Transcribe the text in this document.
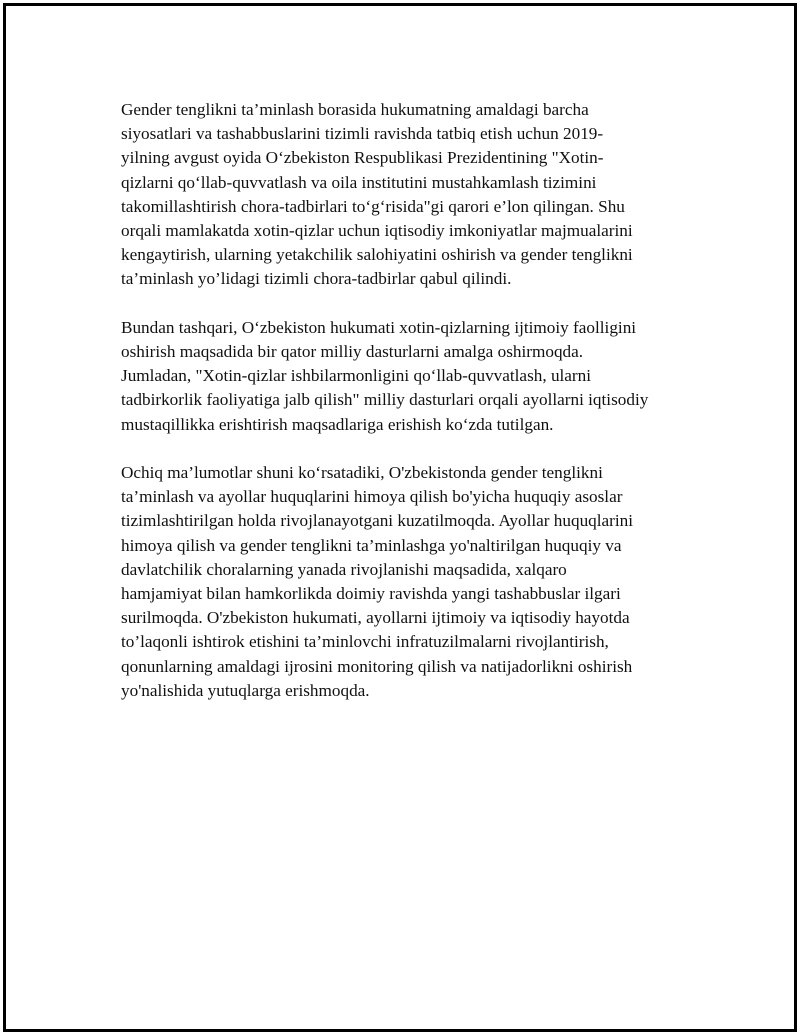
Gender tenglikni ta’minlash borasida hukumatning amaldagi barcha
siyosatlari va tashabbuslarini tizimli ravishda tatbiq etish uchun 2019-
yilning avgust oyida O‘zbekiston Respublikasi Prezidentining "Xotin-
qizlarni qo‘llab-quvvatlash va oila institutini mustahkamlash tizimini
takomillashtirish chora-tadbirlari to‘g‘risida"gi qarori e’lon qilingan. Shu
orqali mamlakatda xotin-qizlar uchun iqtisodiy imkoniyatlar majmualarini
kengaytirish, ularning yetakchilik salohiyatini oshirish va gender tenglikni
ta’minlash yo’lidagi tizimli chora-tadbirlar qabul qilindi.

Bundan tashqari, O‘zbekiston hukumati xotin-qizlarning ijtimoiy faolligini
oshirish maqsadida bir qator milliy dasturlarni amalga oshirmoqda.
Jumladan, "Xotin-qizlar ishbilarmonligini qo‘llab-quvvatlash, ularni
tadbirkorlik faoliyatiga jalb qilish" milliy dasturlari orqali ayollarni iqtisodiy
mustaqillikka erishtirish maqsadlariga erishish ko‘zda tutilgan.

Ochiq ma’lumotlar shuni ko‘rsatadiki, O'zbekistonda gender tenglikni
ta’minlash va ayollar huquqlarini himoya qilish bo'yicha huquqiy asoslar
tizimlashtirilgan holda rivojlanayotgani kuzatilmoqda. Ayollar huquqlarini
himoya qilish va gender tenglikni ta’minlashga yo'naltirilgan huquqiy va
davlatchilik choralarning yanada rivojlanishi maqsadida, xalqaro
hamjamiyat bilan hamkorlikda doimiy ravishda yangi tashabbuslar ilgari
surilmoqda. O'zbekiston hukumati, ayollarni ijtimoiy va iqtisodiy hayotda
to’laqonli ishtirok etishini ta’minlovchi infratuzilmalarni rivojlantirish,
qonunlarning amaldagi ijrosini monitoring qilish va natijadorlikni oshirish
yo'nalishida yutuqlarga erishmoqda.
